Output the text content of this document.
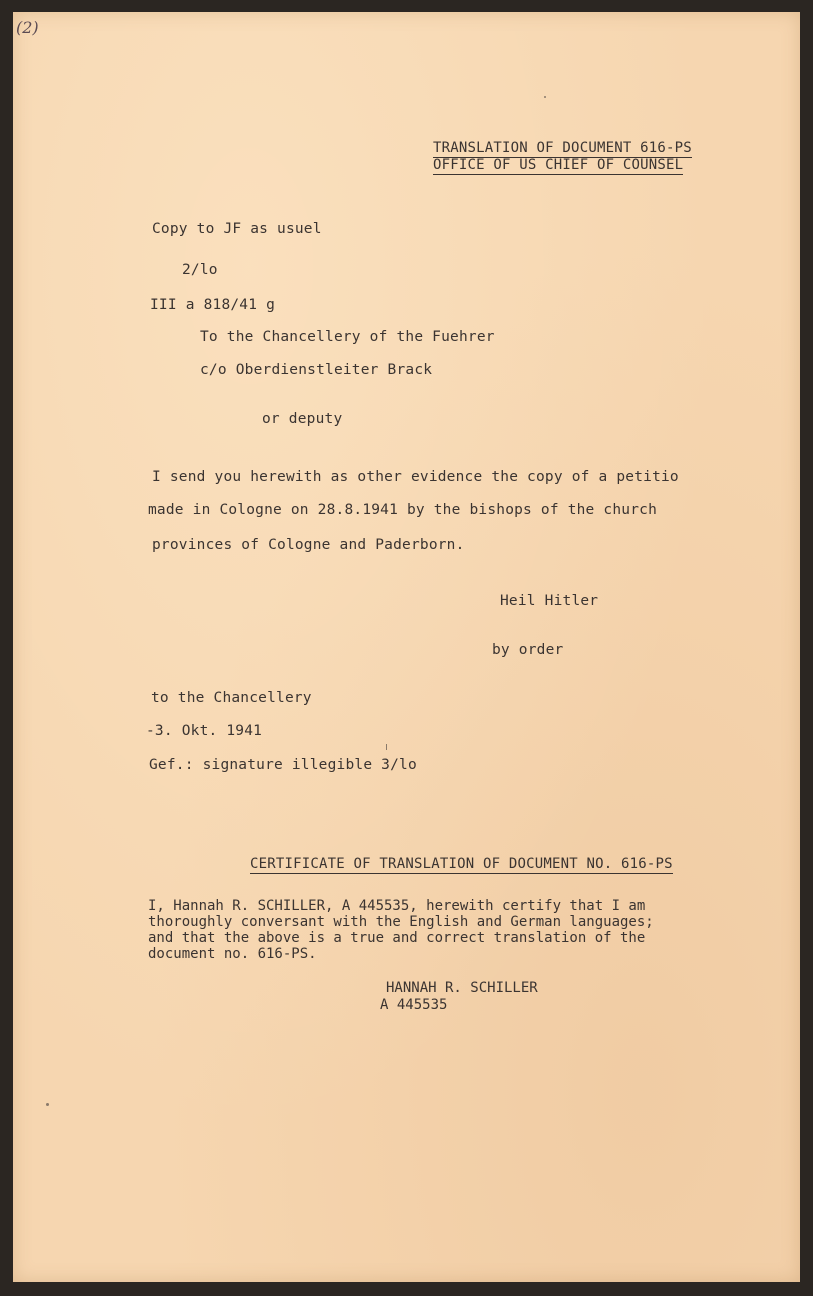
(2)
TRANSLATION OF DOCUMENT 616-PS
OFFICE OF US CHIEF OF COUNSEL
Copy to JF as usuel
2/lo
III a 818/41 g
To the Chancellery of the Fuehrer
c/o Oberdienstleiter Brack
or deputy
I send you herewith as other evidence the copy of a petitio
made in Cologne on 28.8.1941 by the bishops of the church
provinces of Cologne and Paderborn.
Heil Hitler
by order
to the Chancellery
-3. Okt. 1941
Gef.: signature illegible 3/lo
CERTIFICATE OF TRANSLATION OF DOCUMENT NO. 616-PS
I, Hannah R. SCHILLER, A 445535, herewith certify that I am
thoroughly conversant with the English and German languages;
and that the above is a true and correct translation of the
document no. 616-PS.
HANNAH R. SCHILLER
A 445535
